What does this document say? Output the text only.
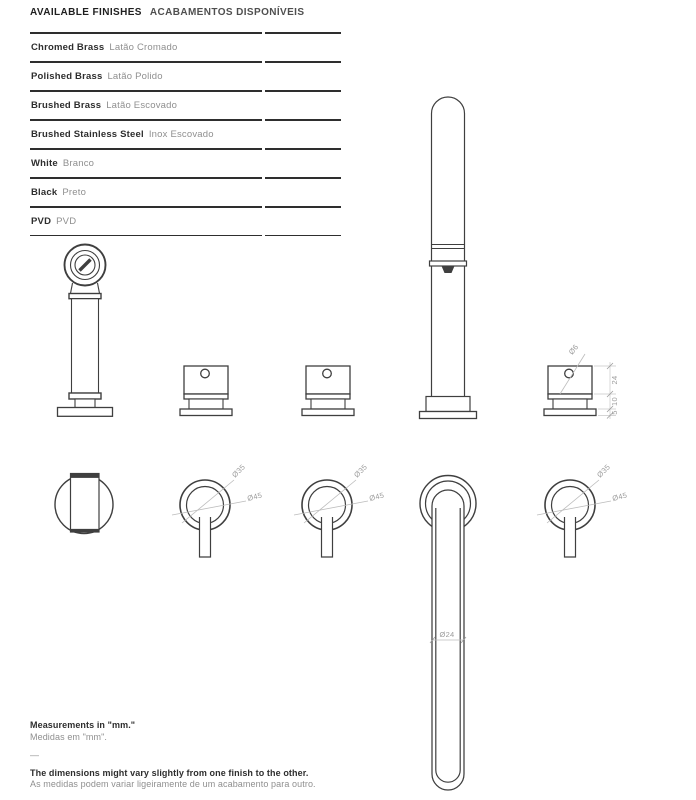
AVAILABLE FINISHES ACABAMENTOS DISPONÍVEIS
Chromed Brass Latão Cromado
Polished Brass Latão Polido
Brushed Brass Latão Escovado
Brushed Stainless Steel Inox Escovado
White Branco
Black Preto
PVD PVD
Ø6
24
10
5
Ø35
Ø45
Ø35
Ø45
Ø35
Ø45
Ø24

Measurements in "mm."

Medidas em "mm".

—

The dimensions might vary slightly from one finish to the other.

As medidas podem variar ligeiramente de um acabamento para outro.
